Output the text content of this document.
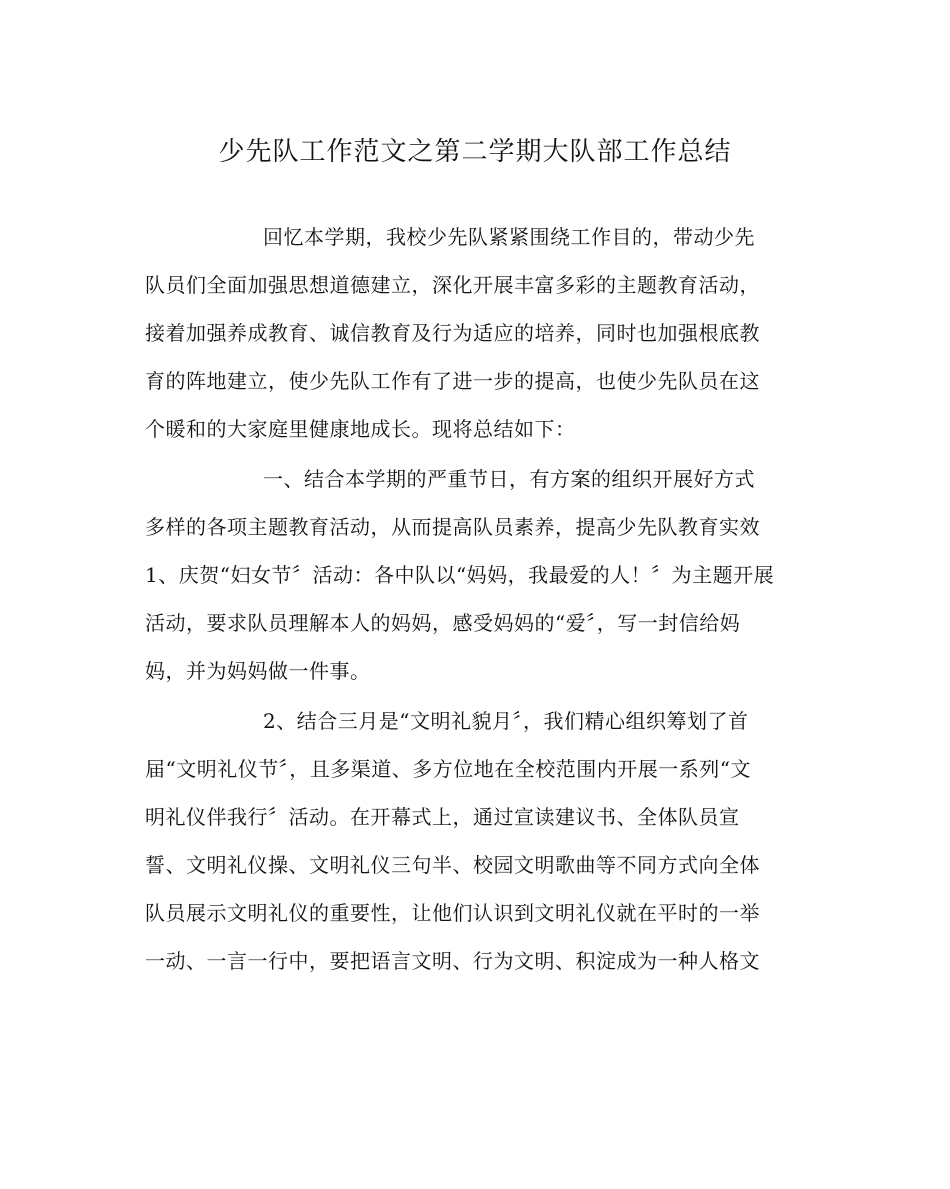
少先队工作范文之第二学期大队部工作总结
回忆本学期，我校少先队紧紧围绕工作目的，带动少先
队员们全面加强思想道德建立，深化开展丰富多彩的主题教育活动，
接着加强养成教育、诚信教育及行为适应的培养，同时也加强根底教
育的阵地建立，使少先队工作有了进一步的提高，也使少先队员在这
个暖和的大家庭里健康地成长。现将总结如下：
一、结合本学期的严重节日，有方案的组织开展好方式
多样的各项主题教育活动，从而提高队员素养，提高少先队教育实效
1、庆贺“妇女节〞活动：各中队以“妈妈，我最爱的人！〞为主题开展
活动，要求队员理解本人的妈妈，感受妈妈的“爱〞，写一封信给妈
妈，并为妈妈做一件事。
2、结合三月是“文明礼貌月〞，我们精心组织筹划了首
届“文明礼仪节〞，且多渠道、多方位地在全校范围内开展一系列“文
明礼仪伴我行〞活动。在开幕式上，通过宣读建议书、全体队员宣
誓、文明礼仪操、文明礼仪三句半、校园文明歌曲等不同方式向全体
队员展示文明礼仪的重要性，让他们认识到文明礼仪就在平时的一举
一动、一言一行中，要把语言文明、行为文明、积淀成为一种人格文
